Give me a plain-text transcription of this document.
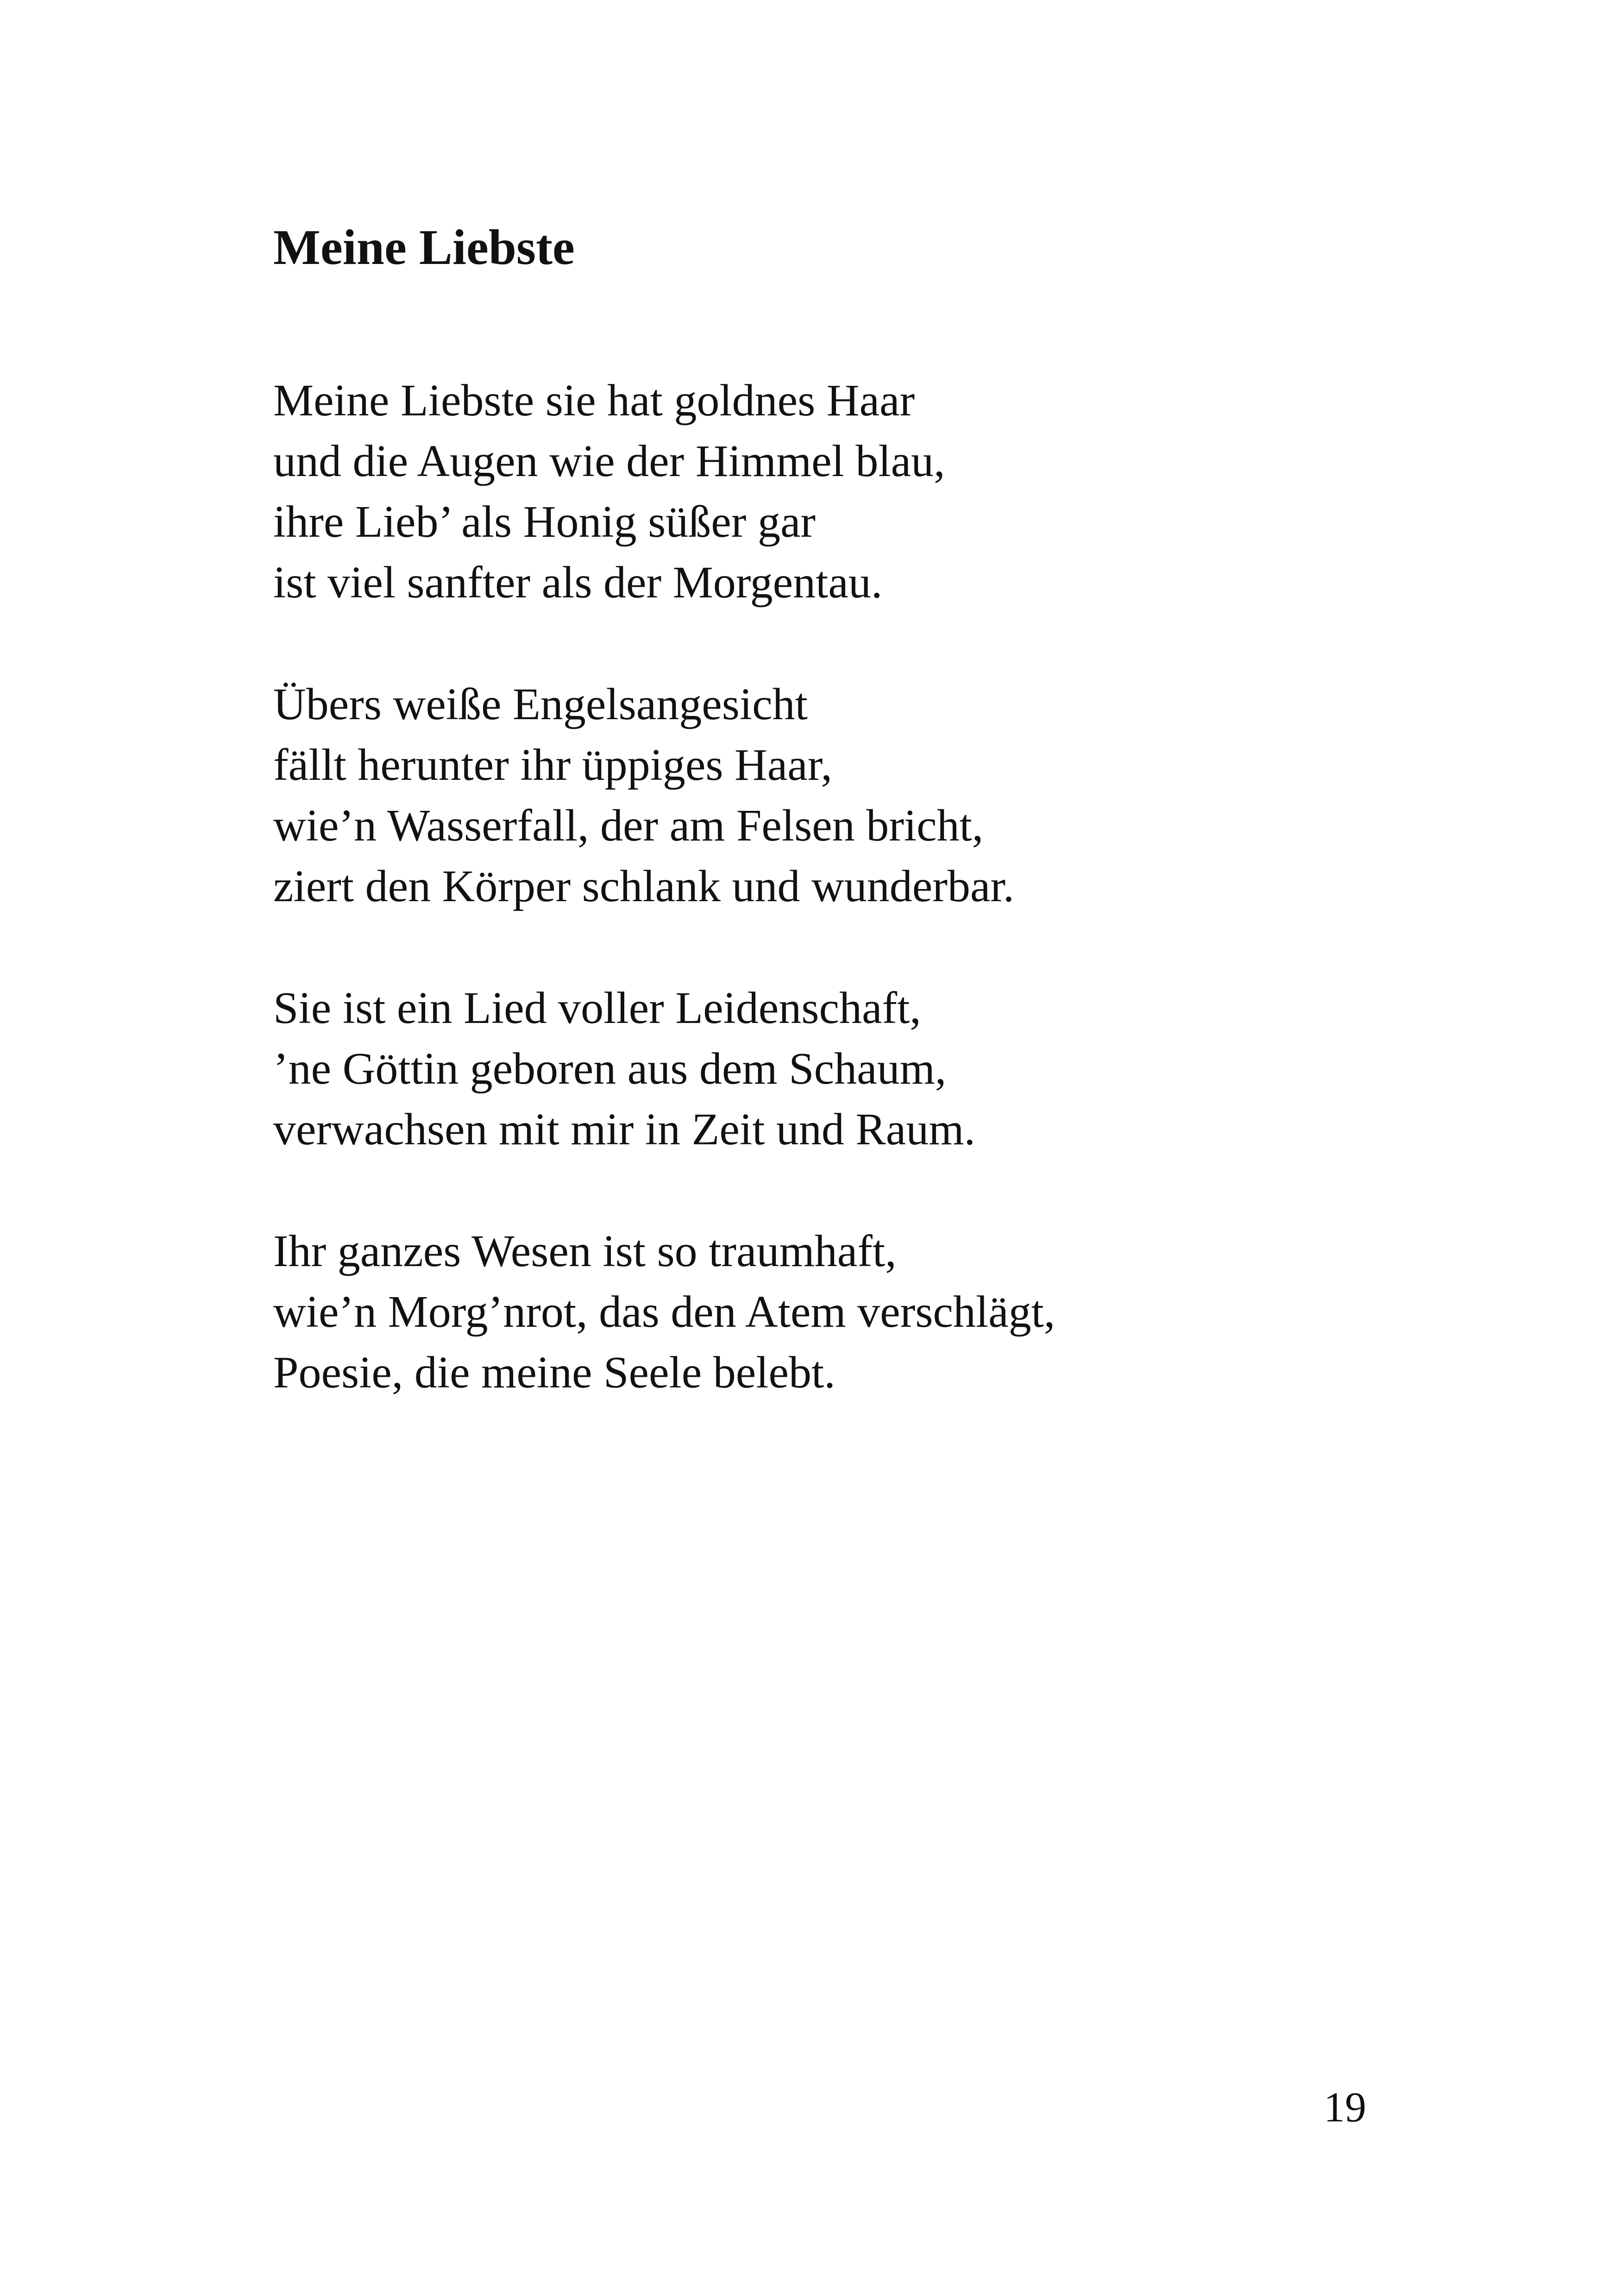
Meine Liebste
Meine Liebste sie hat goldnes Haar
und die Augen wie der Himmel blau,
ihre Lieb’ als Honig süßer gar
ist viel sanfter als der Morgentau.
Übers weiße Engelsangesicht
fällt herunter ihr üppiges Haar,
wie’n Wasserfall, der am Felsen bricht,
ziert den Körper schlank und wunderbar.
Sie ist ein Lied voller Leidenschaft,
’ne Göttin geboren aus dem Schaum,
verwachsen mit mir in Zeit und Raum.
Ihr ganzes Wesen ist so traumhaft,
wie’n Morg’nrot, das den Atem verschlägt,
Poesie, die meine Seele belebt.
19
